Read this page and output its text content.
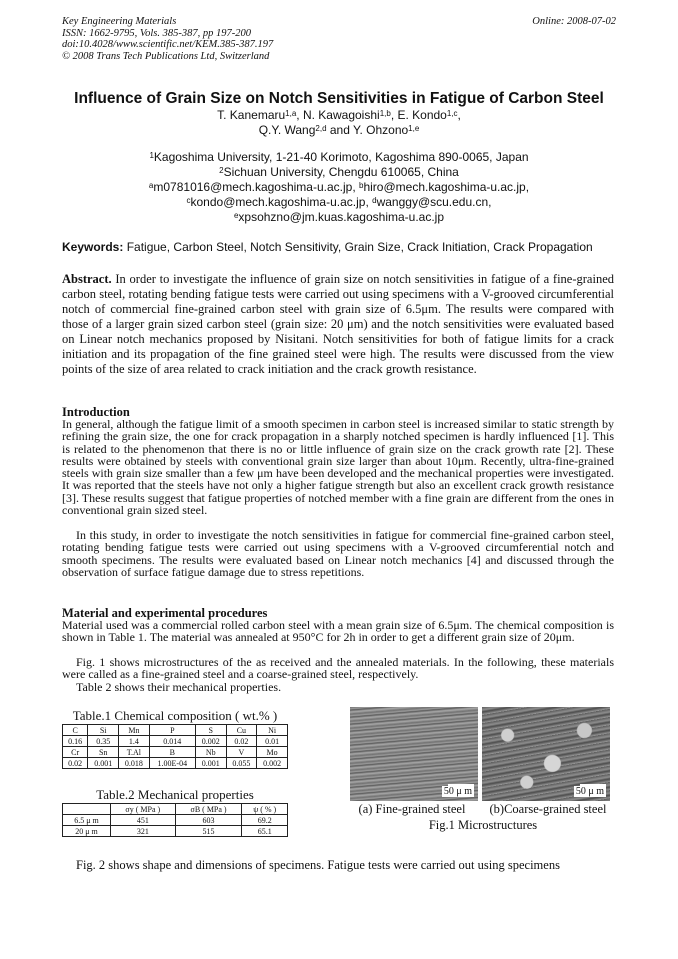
Key Engineering Materials
ISSN: 1662-9795, Vols. 385-387, pp 197-200
doi:10.4028/www.scientific.net/KEM.385-387.197
© 2008 Trans Tech Publications Ltd, Switzerland
Online: 2008-07-02
Influence of Grain Size on Notch Sensitivities in Fatigue of Carbon Steel
T. Kanemaru$^{1,a}$, N. Kawagoishi$^{1,b}$, E. Kondo$^{1,c}$,
Q.Y. Wang$^{2,d}$ and Y. Ohzono$^{1,e}$
$^1$Kagoshima University, 1-21-40 Korimoto, Kagoshima 890-0065, Japan
$^2$Sichuan University, Chengdu 610065, China
$^a$m0781016@mech.kagoshima-u.ac.jp, $^b$hiro@mech.kagoshima-u.ac.jp,
$^c$kondo@mech.kagoshima-u.ac.jp, $^d$wanggy@scu.edu.cn,
$^e$xpsohzno@jm.kuas.kagoshima-u.ac.jp
Keywords: Fatigue, Carbon Steel, Notch Sensitivity, Grain Size, Crack Initiation, Crack Propagation

Abstract. In order to investigate the influence of grain size on notch sensitivities in fatigue of a fine-grained carbon steel, rotating bending fatigue tests were carried out using specimens with a V-grooved circumferential notch of commercial fine-grained carbon steel with grain size of 6.5μm. The results were compared with those of a larger grain sized carbon steel (grain size: 20 μm) and the notch sensitivities were evaluated based on Linear notch mechanics proposed by Nisitani. Notch sensitivities for both of fatigue limits for a crack initiation and its propagation of the fine grained steel were high. The results were discussed from the view points of the size of area related to crack initiation and the crack growth resistance.

Introduction

In general, although the fatigue limit of a smooth specimen in carbon steel is increased similar to static strength by refining the grain size, the one for crack propagation in a sharply notched specimen is hardly influenced [1]. This is related to the phenomenon that there is no or little influence of grain size on the crack growth rate [2]. These results were obtained by steels with conventional grain size larger than about 10μm. Recently, ultra-fine-grained steels with grain size smaller than a few μm have been developed and the mechanical properties were investigated. It was reported that the steels have not only a higher fatigue strength but also an excellent crack growth resistance [3]. These results suggest that fatigue properties of notched member with a fine grain are different from the ones in conventional grain sized steel.

In this study, in order to investigate the notch sensitivities in fatigue for commercial fine-grained carbon steel, rotating bending fatigue tests were carried out using specimens with a V-grooved circumferential notch and smooth specimens. The results were evaluated based on Linear notch mechanics [4] and discussed through the observation of surface fatigue damage due to stress repetitions.

Material and experimental procedures

Material used was a commercial rolled carbon steel with a mean grain size of 6.5μm. The chemical composition is shown in Table 1. The material was annealed at 950°C for 2h in order to get a different grain size of 20μm.

Fig. 1 shows microstructures of the as received and the annealed materials. In the following, these materials were called as a fine-grained steel and a coarse-grained steel, respectively.

Table 2 shows their mechanical properties.

Table.1 Chemical composition ( wt.% )
C	Si	Mn	P	S	Cu	Ni
0.16	0.35	1.4	0.014	0.002	0.02	0.01
Cr	Sn	T.Al	B	Nb	V	Mo
0.02	0.001	0.018	1.00E-04	0.001	0.055	0.002
Table.2 Mechanical properties
	σy ( MPa )	σB ( MPa )	ψ ( % )
6.5 μ m	451	603	69.2
20 μ m	321	515	65.1
50 μ m	50 μ m
(a) Fine-grained steel	(b)Coarse-grained steel
Fig.1 Microstructures

Fig. 2 shows shape and dimensions of specimens. Fatigue tests were carried out using specimens
